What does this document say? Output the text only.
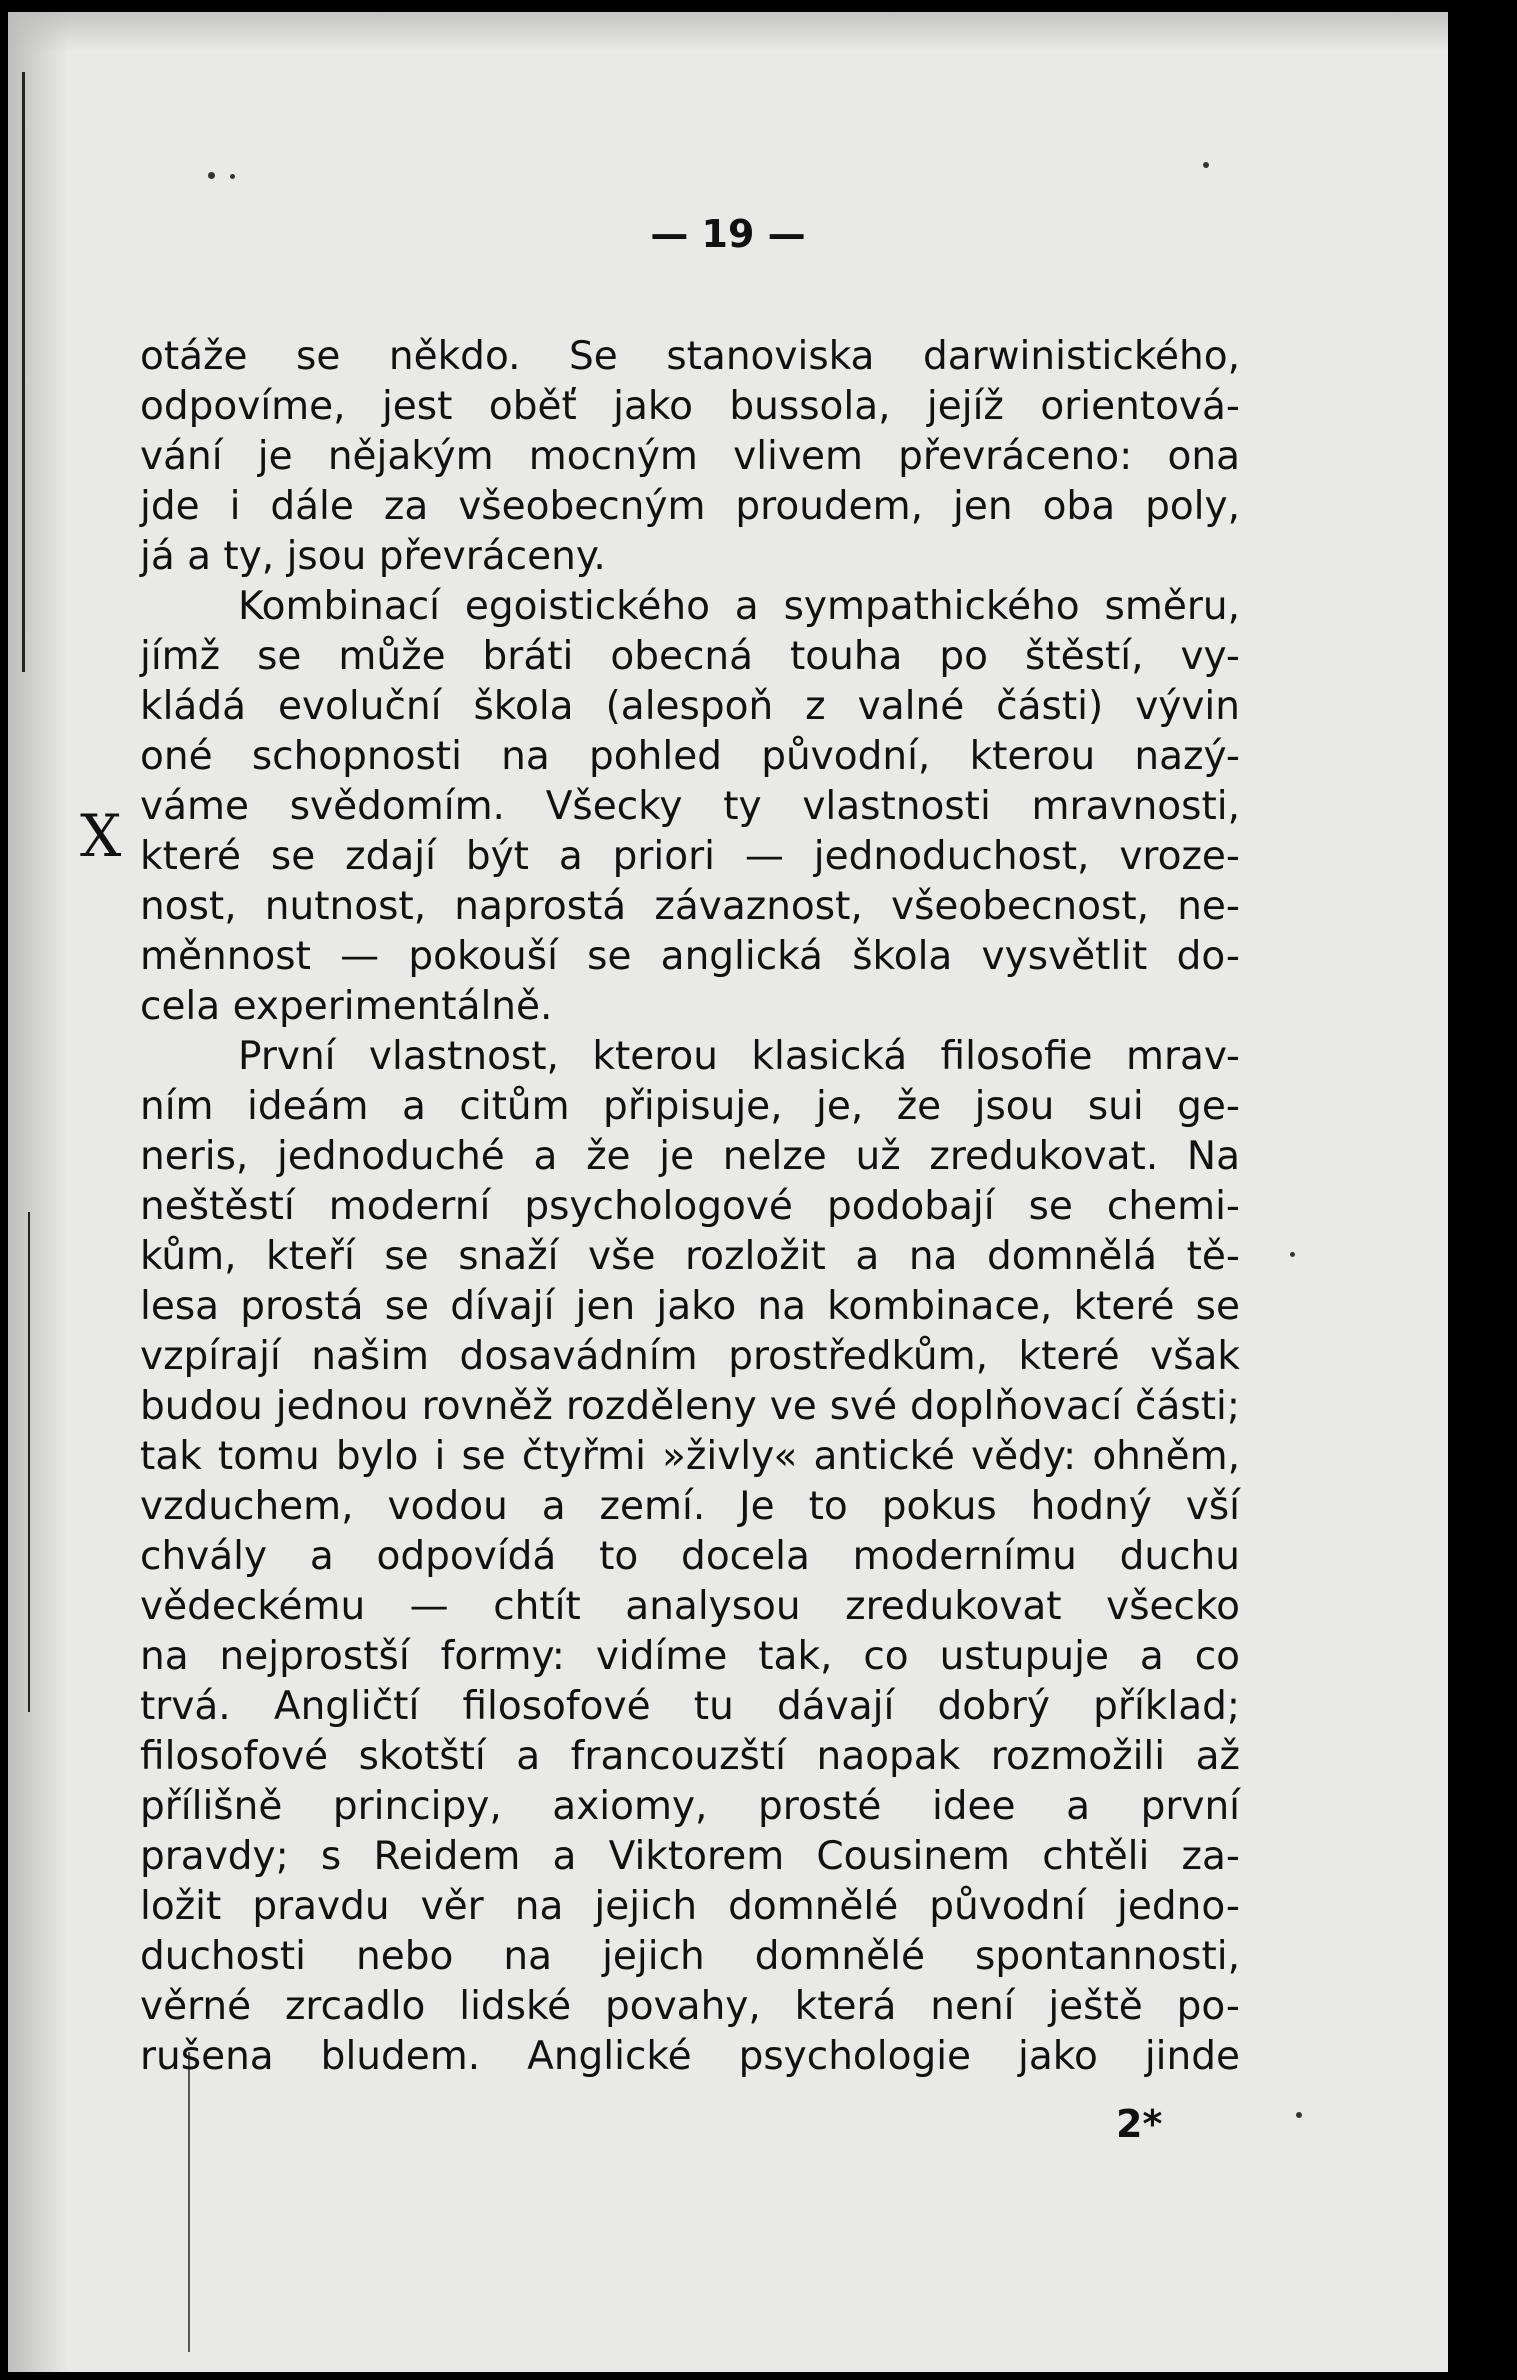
— 19 —
X
otáže se někdo. Se stanoviska darwinistického,
odpovíme, jest oběť jako bussola, jejíž orientová-
vání je nějakým mocným vlivem převráceno: ona
jde i dále za všeobecným proudem, jen oba poly,
já a ty, jsou převráceny.
Kombinací egoistického a sympathického směru,
jímž se může bráti obecná touha po štěstí, vy-
kládá evoluční škola (alespoň z valné části) vývin
oné schopnosti na pohled původní, kterou nazý-
váme svědomím. Všecky ty vlastnosti mravnosti,
které se zdají být a priori — jednoduchost, vroze-
nost, nutnost, naprostá závaznost, všeobecnost, ne-
měnnost — pokouší se anglická škola vysvětlit do-
cela experimentálně.
První vlastnost, kterou klasická filosofie mrav-
ním ideám a citům připisuje, je, že jsou sui ge-
neris, jednoduché a že je nelze už zredukovat. Na
neštěstí moderní psychologové podobají se chemi-
kům, kteří se snaží vše rozložit a na domnělá tě-
lesa prostá se dívají jen jako na kombinace, které se
vzpírají našim dosavádním prostředkům, které však
budou jednou rovněž rozděleny ve své doplňovací části;
tak tomu bylo i se čtyřmi »živly« antické vědy: ohněm,
vzduchem, vodou a zemí. Je to pokus hodný vší
chvály a odpovídá to docela modernímu duchu
vědeckému — chtít analysou zredukovat všecko
na nejprostší formy: vidíme tak, co ustupuje a co
trvá. Angličtí filosofové tu dávají dobrý příklad;
filosofové skotští a francouzští naopak rozmožili až
přílišně principy, axiomy, prosté idee a první
pravdy; s Reidem a Viktorem Cousinem chtěli za-
ložit pravdu věr na jejich domnělé původní jedno-
duchosti nebo na jejich domnělé spontannosti,
věrné zrcadlo lidské povahy, která není ještě po-
rušena bludem. Anglické psychologie jako jinde
2*
